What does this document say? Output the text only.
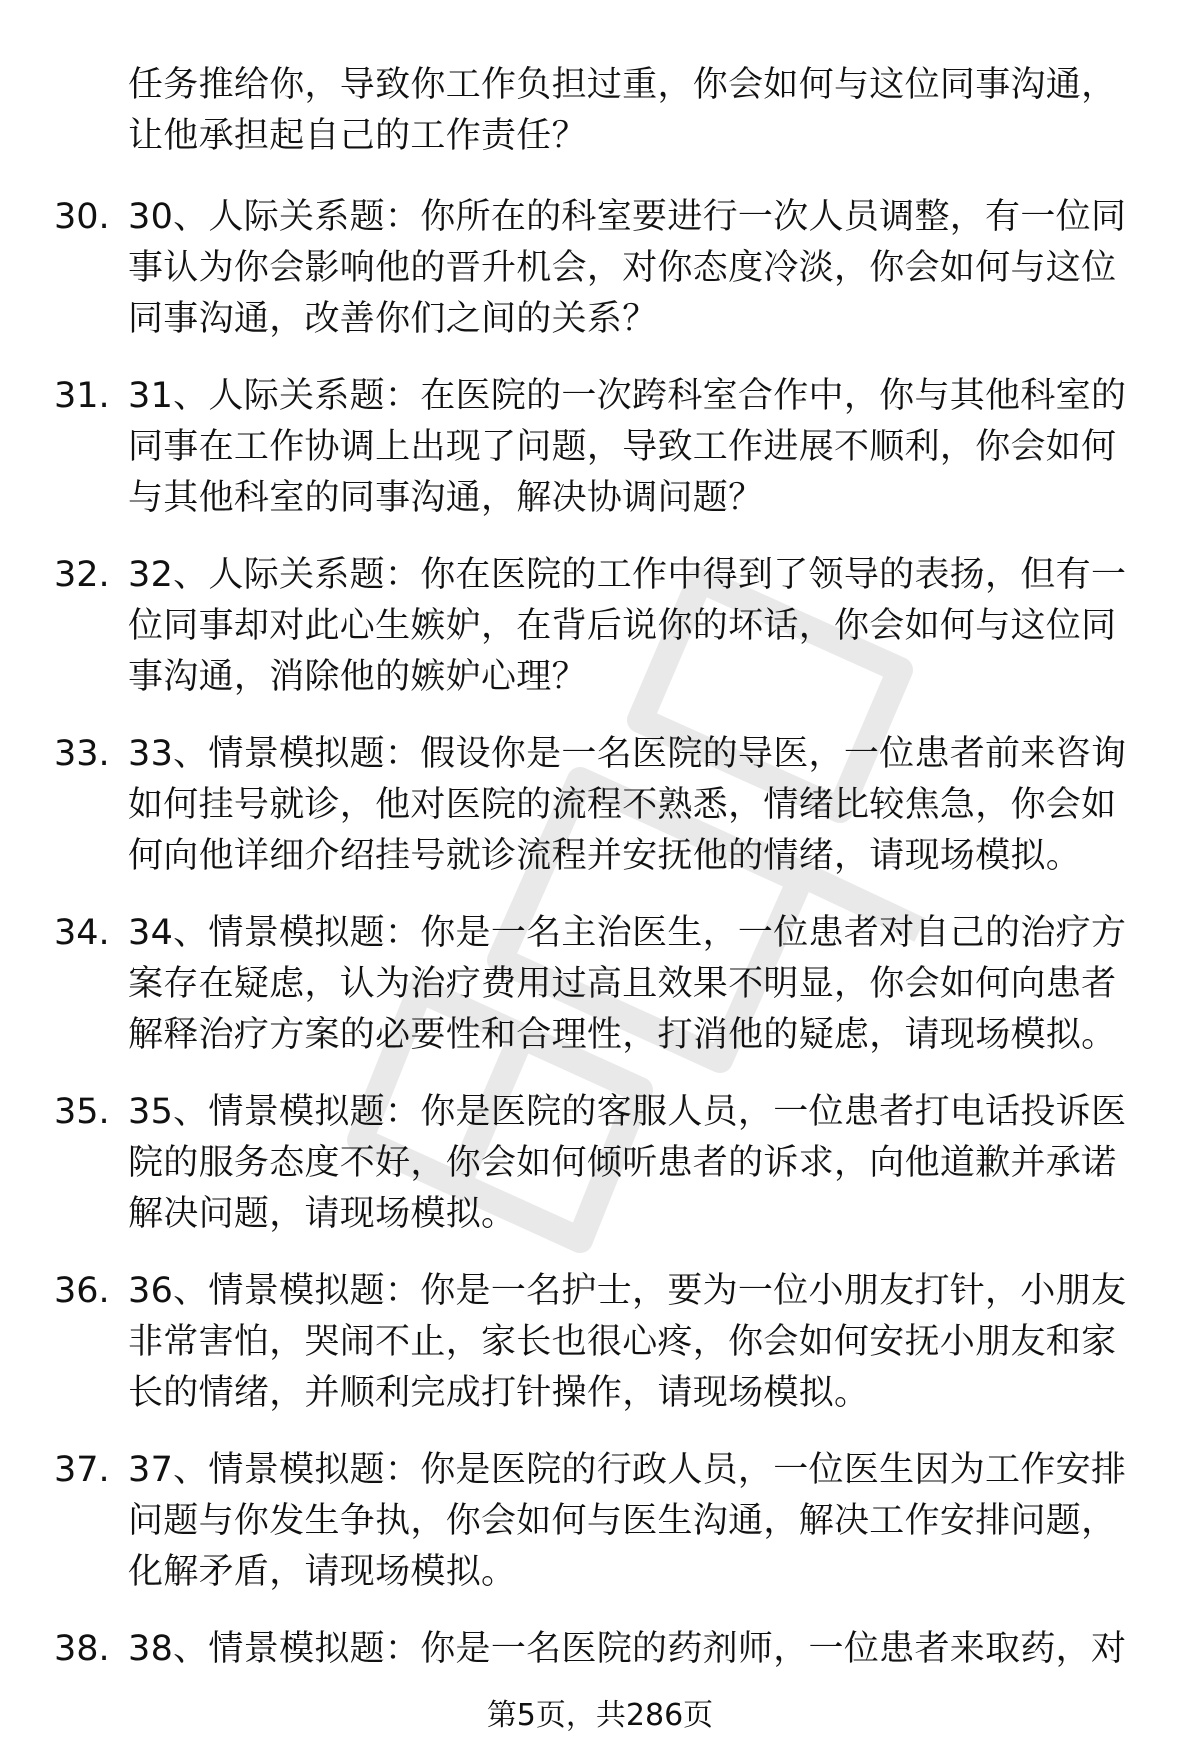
任务推给你，导致你工作负担过重，你会如何与这位同事沟通，让他承担起自己的工作责任？
30. 30、人际关系题：你所在的科室要进行一次人员调整，有一位同事认为你会影响他的晋升机会，对你态度冷淡，你会如何与这位同事沟通，改善你们之间的关系？
31. 31、人际关系题：在医院的一次跨科室合作中，你与其他科室的同事在工作协调上出现了问题，导致工作进展不顺利，你会如何与其他科室的同事沟通，解决协调问题？
32. 32、人际关系题：你在医院的工作中得到了领导的表扬，但有一位同事却对此心生嫉妒，在背后说你的坏话，你会如何与这位同事沟通，消除他的嫉妒心理？
33. 33、情景模拟题：假设你是一名医院的导医，一位患者前来咨询如何挂号就诊，他对医院的流程不熟悉，情绪比较焦急，你会如何向他详细介绍挂号就诊流程并安抚他的情绪，请现场模拟。
34. 34、情景模拟题：你是一名主治医生，一位患者对自己的治疗方案存在疑虑，认为治疗费用过高且效果不明显，你会如何向患者解释治疗方案的必要性和合理性，打消他的疑虑，请现场模拟。
35. 35、情景模拟题：你是医院的客服人员，一位患者打电话投诉医院的服务态度不好，你会如何倾听患者的诉求，向他道歉并承诺解决问题，请现场模拟。
36. 36、情景模拟题：你是一名护士，要为一位小朋友打针，小朋友非常害怕，哭闹不止，家长也很心疼，你会如何安抚小朋友和家长的情绪，并顺利完成打针操作，请现场模拟。
37. 37、情景模拟题：你是医院的行政人员，一位医生因为工作安排问题与你发生争执，你会如何与医生沟通，解决工作安排问题，化解矛盾，请现场模拟。
38. 38、情景模拟题：你是一名医院的药剂师，一位患者来取药，对
第5页，共286页
